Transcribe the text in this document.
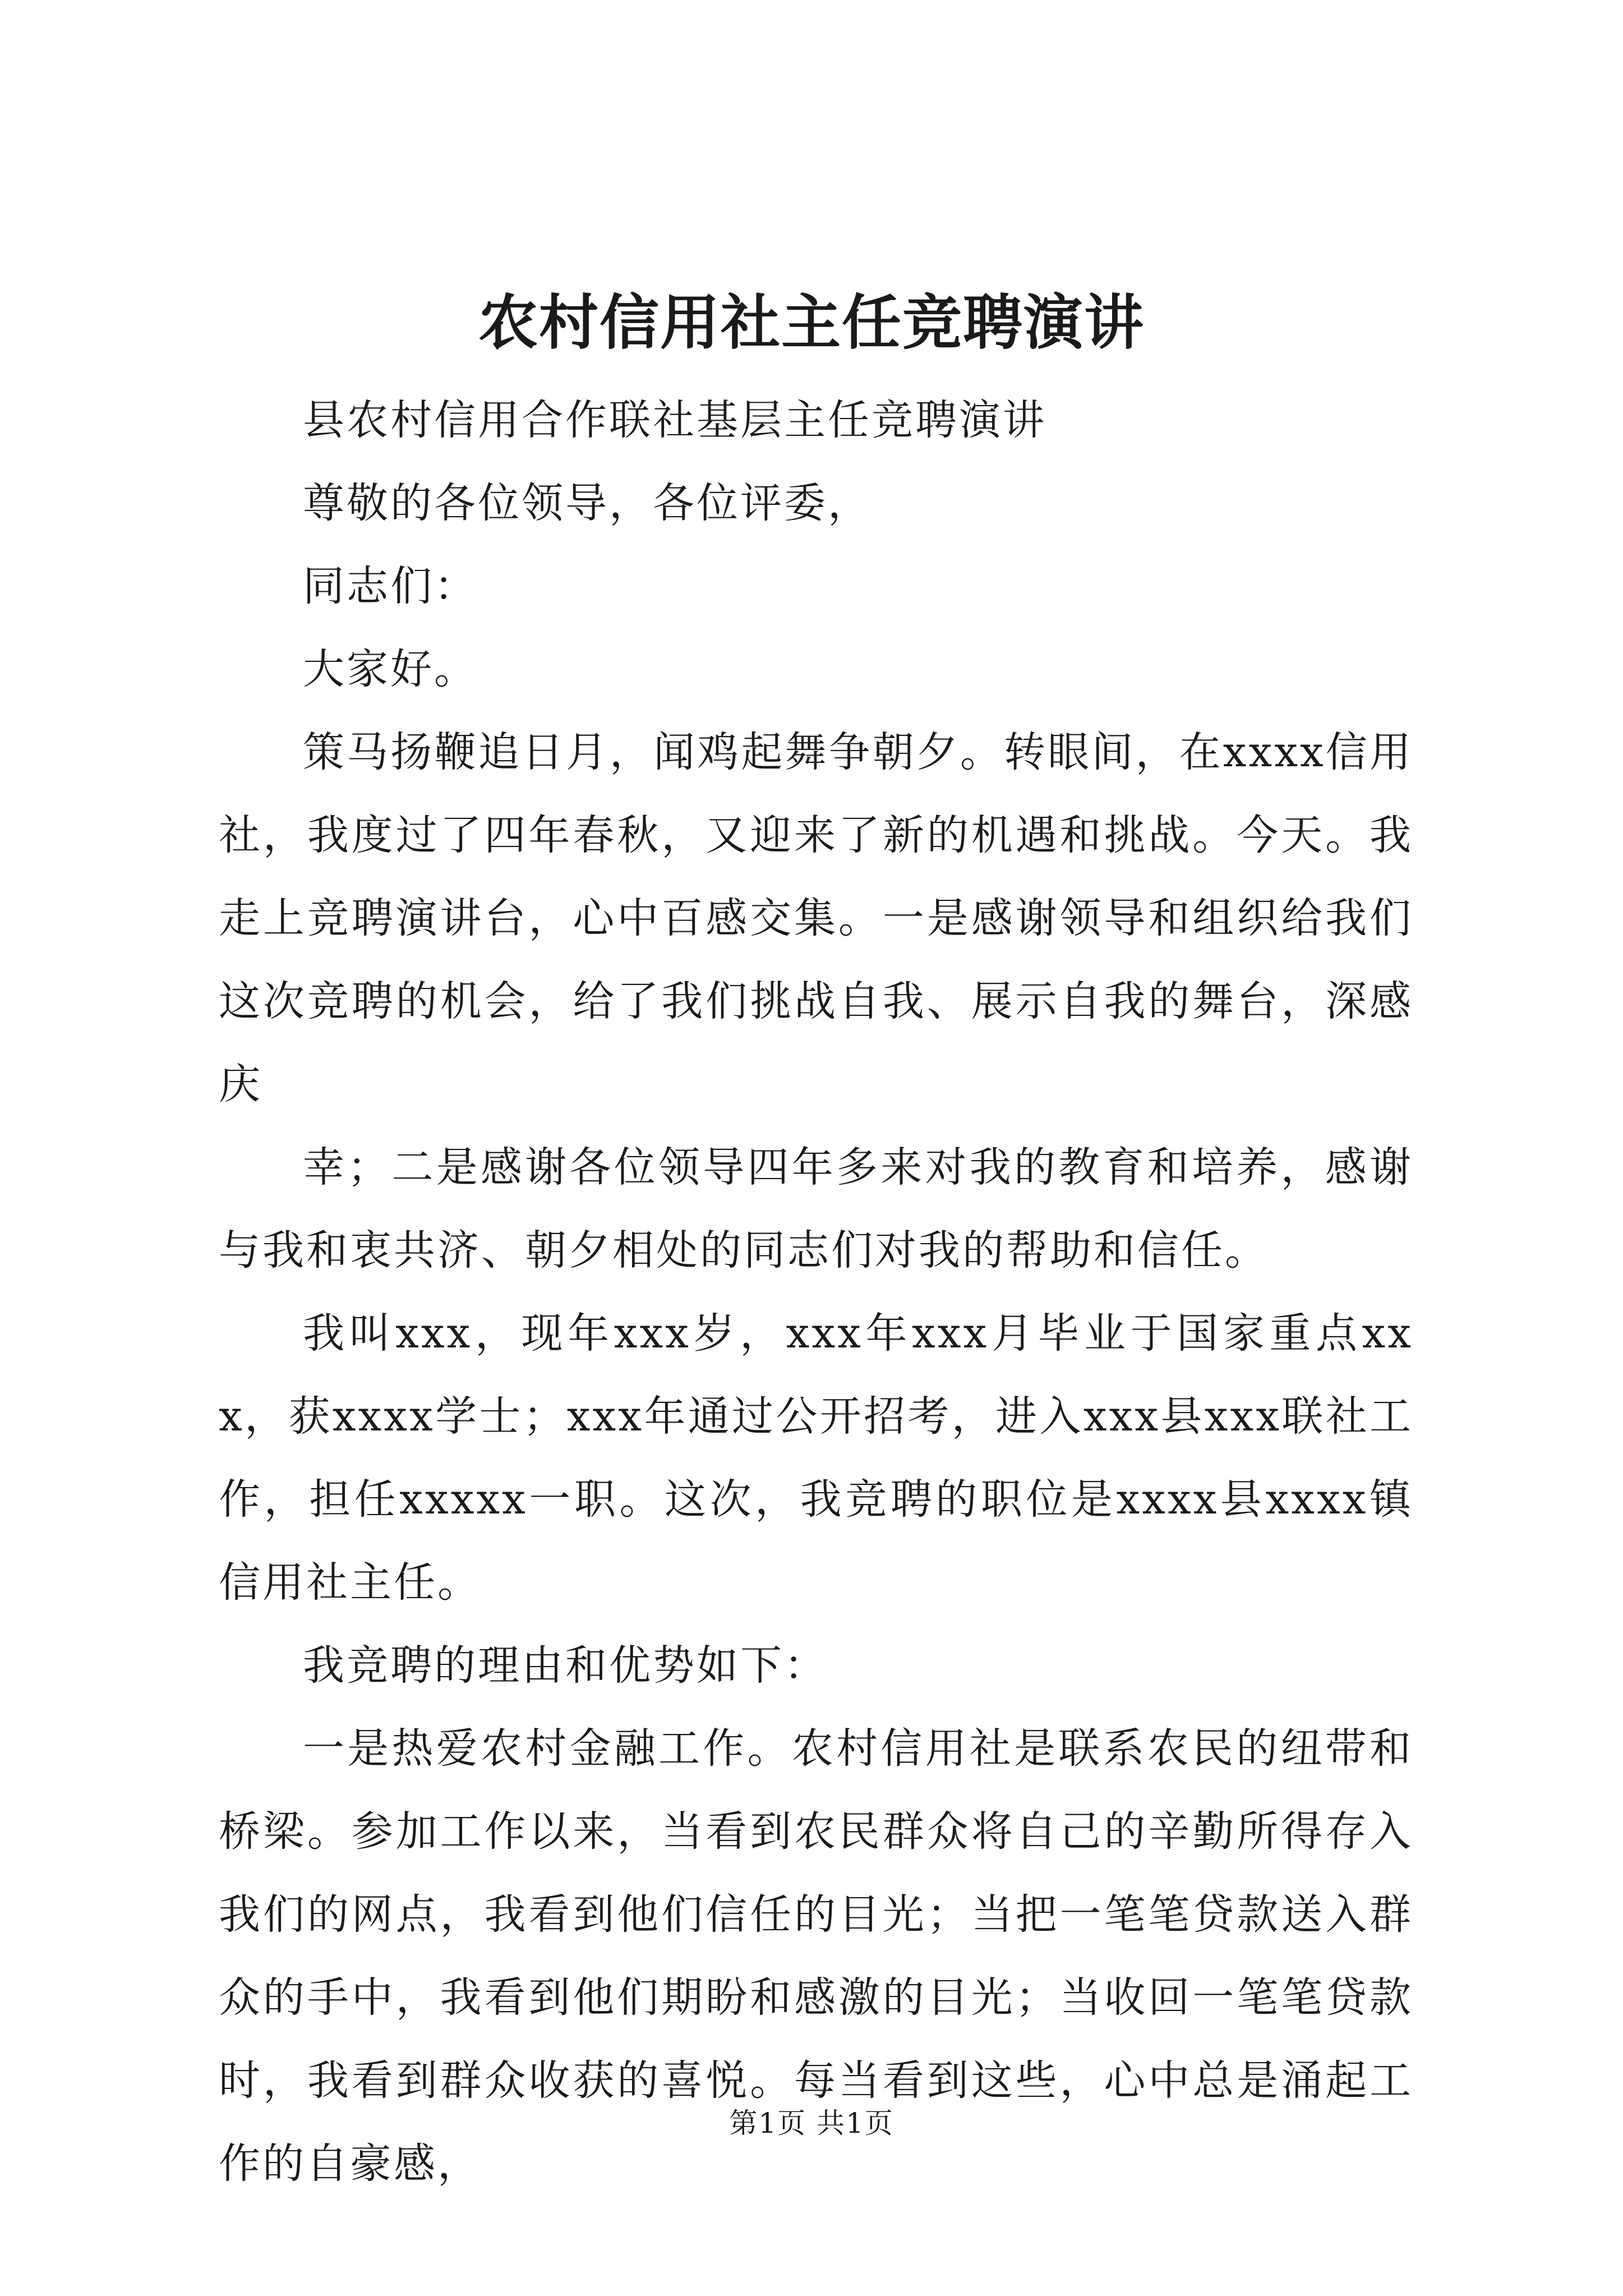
农村信用社主任竞聘演讲

县农村信用合作联社基层主任竞聘演讲

尊敬的各位领导，各位评委，

同志们：

大家好。

策马扬鞭追日月，闻鸡起舞争朝夕。转眼间，在xxxx信用社，我度过了四年春秋，又迎来了新的机遇和挑战。今天。我走上竞聘演讲台，心中百感交集。一是感谢领导和组织给我们这次竞聘的机会，给了我们挑战自我、展示自我的舞台，深感庆

幸；二是感谢各位领导四年多来对我的教育和培养，感谢与我和衷共济、朝夕相处的同志们对我的帮助和信任。

我叫xxx，现年xxx岁，xxx年xxx月毕业于国家重点xxx，获xxxx学士；xxx年通过公开招考，进入xxx县xxx联社工作，担任xxxxx一职。这次，我竞聘的职位是xxxx县xxxx镇信用社主任。

我竞聘的理由和优势如下：

一是热爱农村金融工作。农村信用社是联系农民的纽带和桥梁。参加工作以来，当看到农民群众将自己的辛勤所得存入我们的网点，我看到他们信任的目光；当把一笔笔贷款送入群众的手中，我看到他们期盼和感激的目光；当收回一笔笔贷款时，我看到群众收获的喜悦。每当看到这些，心中总是涌起工作的自豪感，

第1页 共1页
